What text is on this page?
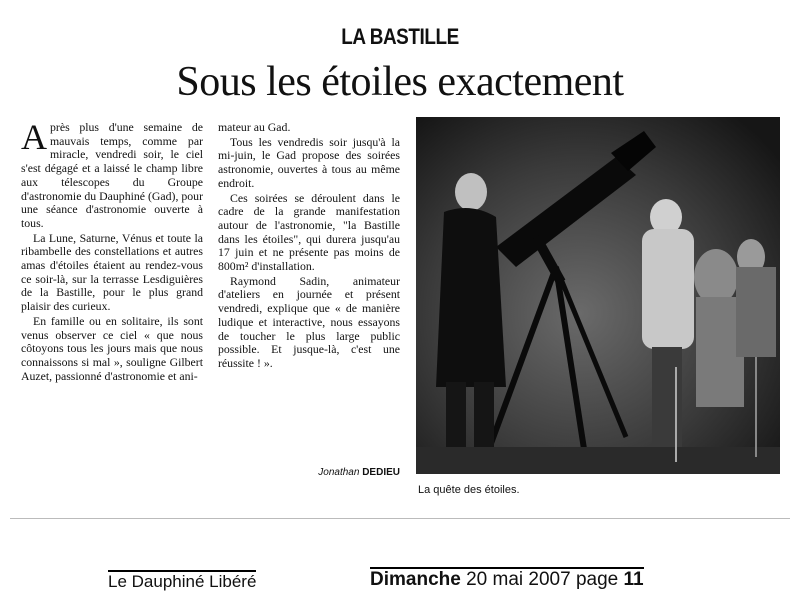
LA BASTILLE
Sous les étoiles exactement

Après plus d'une semaine de mauvais temps, comme par miracle, vendredi soir, le ciel s'est dégagé et a laissé le champ libre aux télescopes du Groupe d'astronomie du Dauphiné (Gad), pour une séance d'astronomie ouverte à tous.

La Lune, Saturne, Vénus et toute la ribambelle des constellations et autres amas d'étoiles étaient au rendez-vous ce soir-là, sur la terrasse Lesdiguières de la Bastille, pour le plus grand plaisir des curieux.

En famille ou en solitaire, ils sont venus observer ce ciel « que nous côtoyons tous les jours mais que nous connaissons si mal », souligne Gilbert Auzet, passionné d'astronomie et ani-

mateur au Gad.

Tous les vendredis soir jusqu'à la mi-juin, le Gad propose des soirées astronomie, ouvertes à tous au même endroit.

Ces soirées se déroulent dans le cadre de la grande manifestation autour de l'astronomie, "la Bastille dans les étoiles", qui durera jusqu'au 17 juin et ne présente pas moins de 800m² d'installation.

Raymond Sadin, animateur d'ateliers en journée et présent vendredi, explique que « de manière ludique et interactive, nous essayons de toucher le plus large public possible. Et jusque-là, c'est une réussite ! ».

Jonathan DEDIEU
La quête des étoiles.
Le Dauphiné Libéré	Dimanche 20 mai 2007 page 11
